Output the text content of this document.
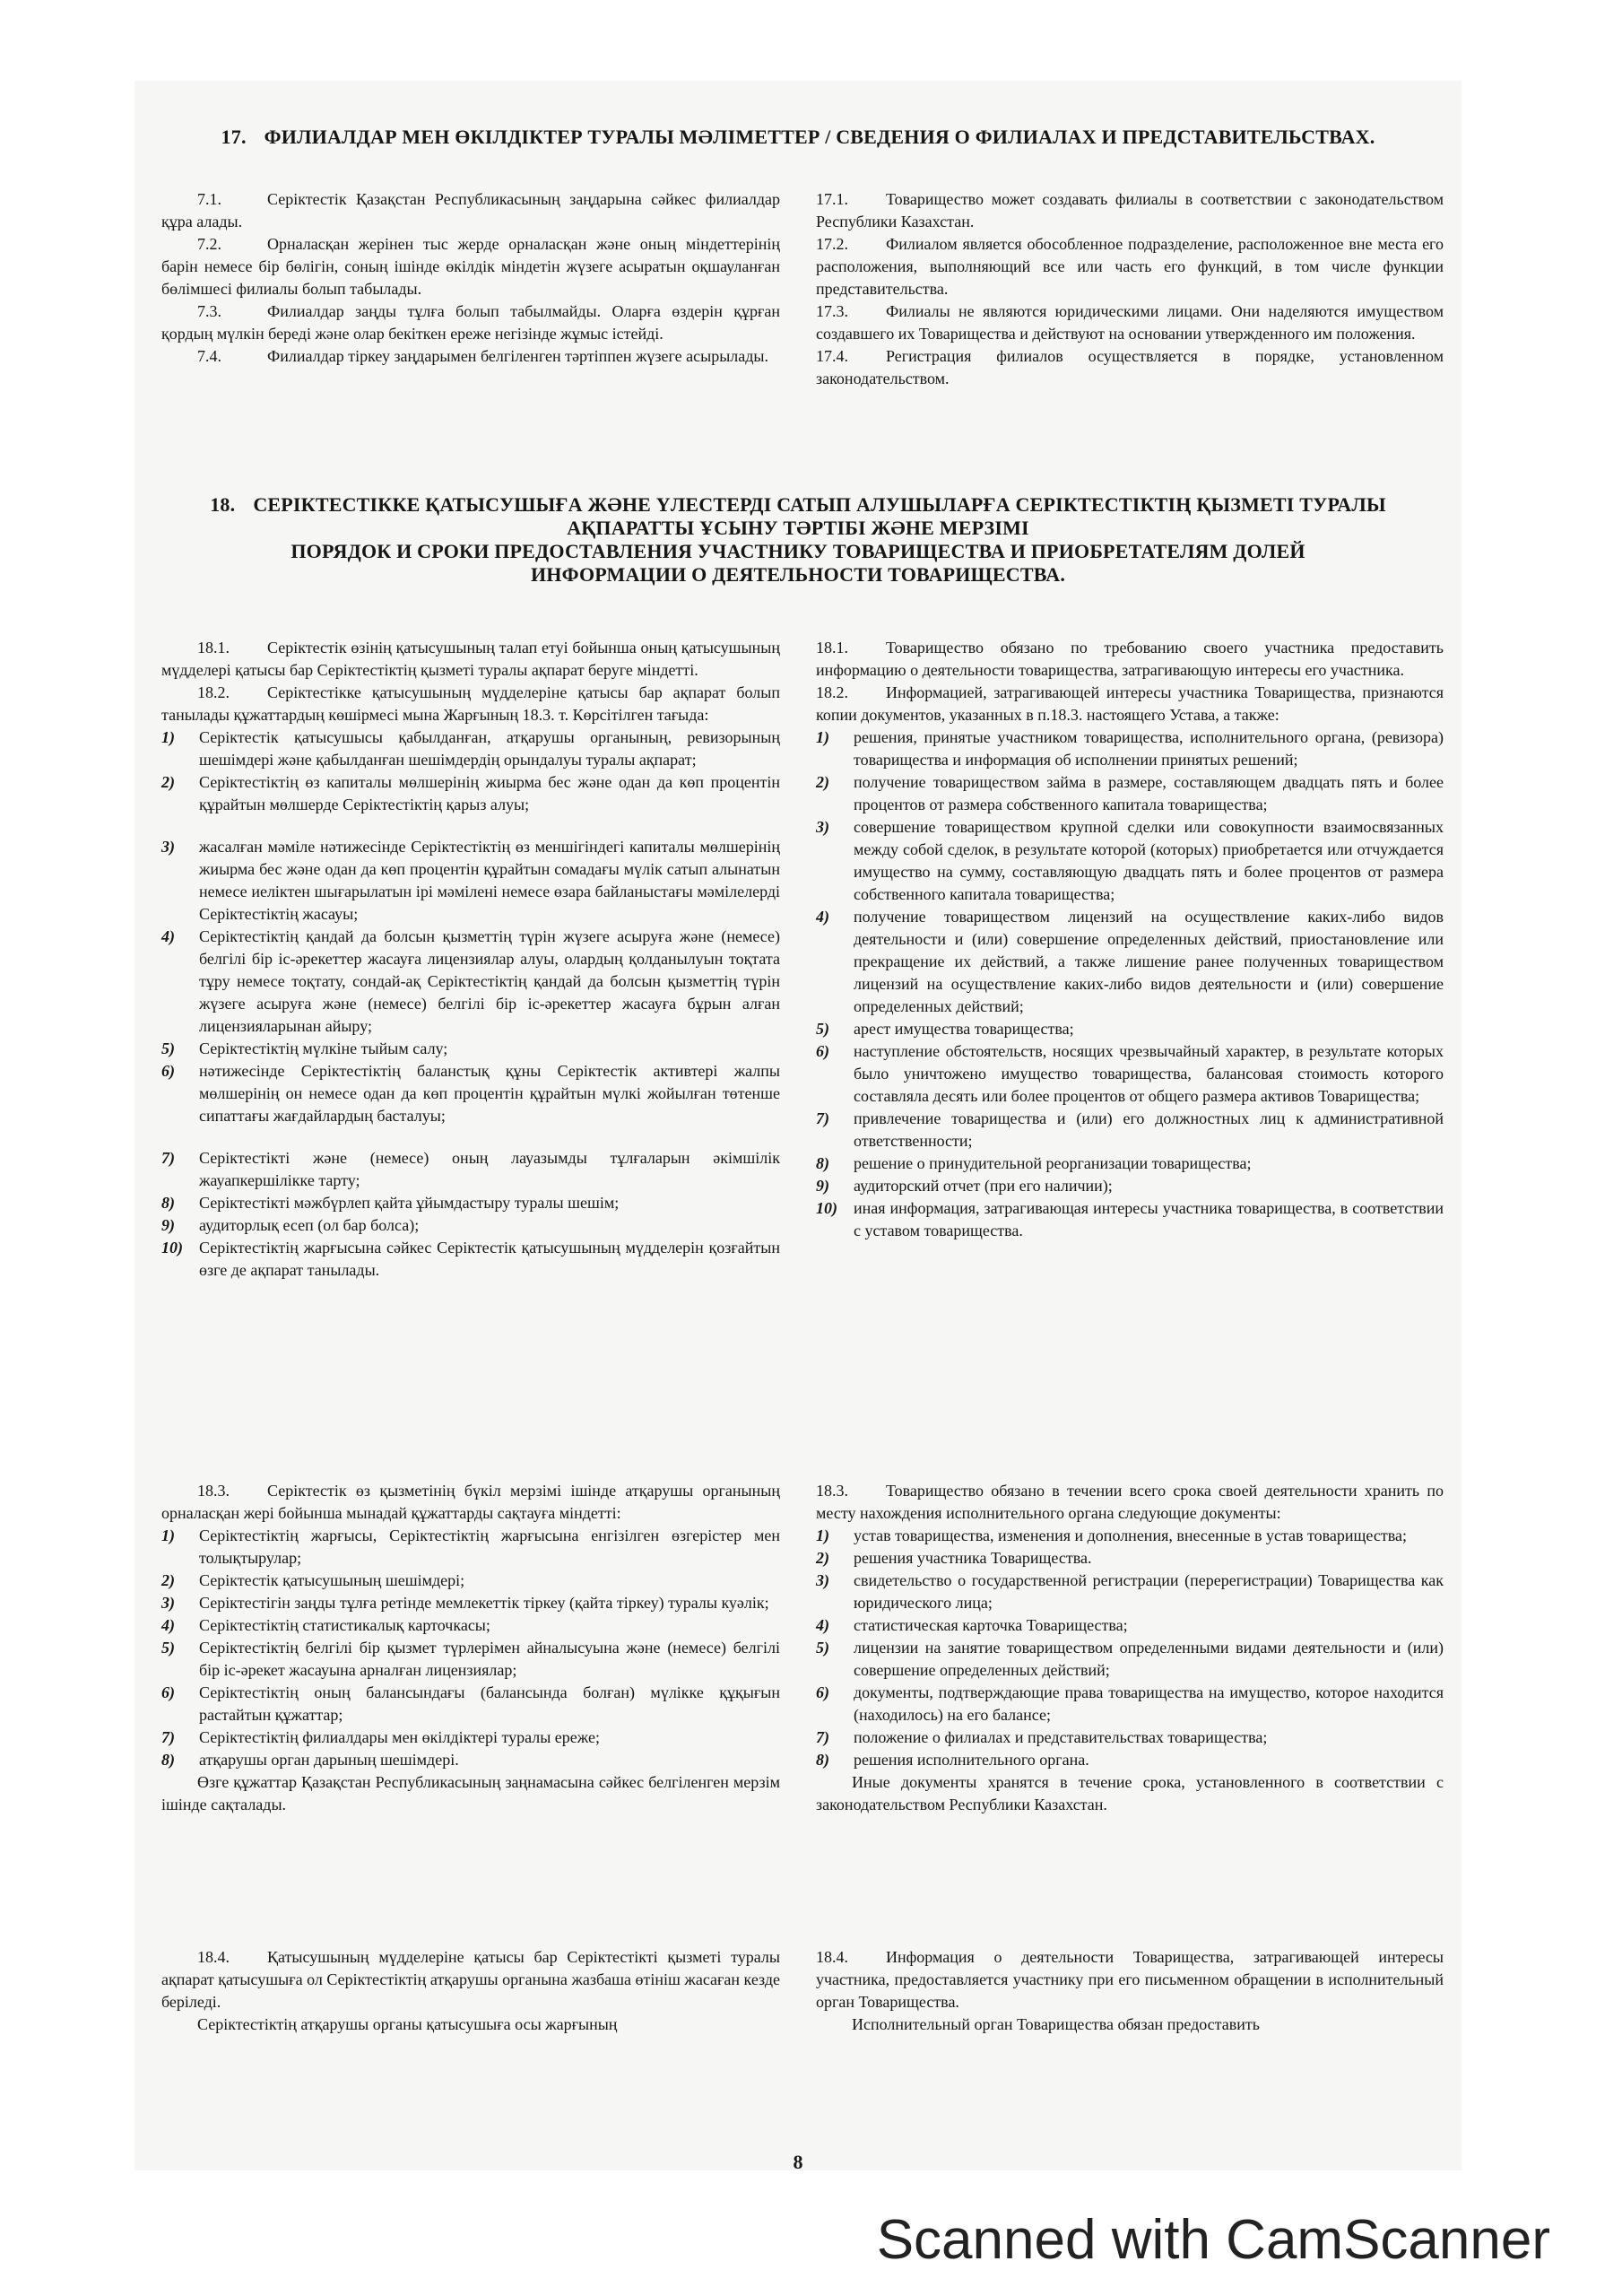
17. ФИЛИАЛДАР МЕН ӨКІЛДІКТЕР ТУРАЛЫ МӘЛІМЕТТЕР / СВЕДЕНИЯ О ФИЛИАЛАХ И ПРЕДСТАВИТЕЛЬСТВАХ.

7.1.	Серіктестік Қазақстан Республикасының заңдарына сәйкес филиалдар құра алады.

7.2.	Орналасқан жерінен тыс жерде орналасқан және оның міндеттерінің барін немесе бір бөлігін, соның ішінде өкілдік міндетін жүзеге асыратын оқшауланған бөлімшесі филиалы болып табылады.

7.3.	Филиалдар заңды тұлға болып табылмайды. Оларға өздерін құрған қордың мүлкін береді және олар бекіткен ереже негізінде жұмыс істейді.

7.4.	Филиалдар тіркеу заңдарымен белгіленген тәртіппен жүзеге асырылады.

17.1. Товарищество может создавать филиалы в соответствии с законодательством Республики Казахстан.

17.2. Филиалом является обособленное подразделение, расположенное вне места его расположения, выполняющий все или часть его функций, в том числе функции представительства.

17.3. Филиалы не являются юридическими лицами. Они наделяются имуществом создавшего их Товарищества и действуют на основании утвержденного им положения.

17.4. Регистрация филиалов осуществляется в порядке, установленном законодательством.

18. СЕРІКТЕСТІККЕ ҚАТЫСУШЫҒА ЖӘНЕ ҮЛЕСТЕРДІ САТЫП АЛУШЫЛАРҒА СЕРІКТЕСТІКТІҢ ҚЫЗМЕТІ ТУРАЛЫ
АҚПАРАТТЫ ҰСЫНУ ТӘРТІБІ ЖӘНЕ МЕРЗІМІ
ПОРЯДОК И СРОКИ ПРЕДОСТАВЛЕНИЯ УЧАСТНИКУ ТОВАРИЩЕСТВА И ПРИОБРЕТАТЕЛЯМ ДОЛЕЙ
ИНФОРМАЦИИ О ДЕЯТЕЛЬНОСТИ ТОВАРИЩЕСТВА.

18.1. Серіктестік өзінің қатысушының талап етуі бойынша оның қатысушының мүдделері қатысы бар Серіктестіктің қызметі туралы ақпарат беруге міндетті.

18.2. Серіктестікке қатысушының мүдделеріне қатысы бар ақпарат болып танылады құжаттардың көшірмесі мына Жарғының 18.3. т. Көрсітілген тағыда:

1)	Серіктестік қатысушысы қабылданған, атқарушы органының, ревизорының шешімдері және қабылданған шешімдердің орындалуы туралы ақпарат;
2)	Серіктестіктің өз капиталы мөлшерінің жиырма бес және одан да көп процентін құрайтын мөлшерде Серіктестіктің қарыз алуы;
3)	жасалған мәміле нәтижесінде Серіктестіктің өз меншігіндегі капиталы мөлшерінің жиырма бес және одан да көп процентін құрайтын сомадағы мүлік сатып алынатын немесе иеліктен шығарылатын ірі мәмілені немесе өзара байланыстағы мәмілелерді Серіктестіктің жасауы;
4)	Серіктестіктің қандай да болсын қызметтің түрін жүзеге асыруға және (немесе) белгілі бір іс-әрекеттер жасауға лицензиялар алуы, олардың қолданылуын тоқтата тұру немесе тоқтату, сондай-ақ Серіктестіктің қандай да болсын қызметтің түрін жүзеге асыруға және (немесе) белгілі бір іс-әрекеттер жасауға бұрын алған лицензияларынан айыру;
5)	Серіктестіктің мүлкіне тыйым салу;
6)	нәтижесінде Серіктестіктің баланстық құны Серіктестік активтері жалпы мөлшерінің он немесе одан да көп процентін құрайтын мүлкі жойылған төтенше сипаттағы жағдайлардың басталуы;
7)	Серіктестікті және (немесе) оның лауазымды тұлғаларын әкімшілік жауапкершілікке тарту;
8)	Серіктестікті мәжбүрлеп қайта ұйымдастыру туралы шешім;
9)	аудиторлық есеп (ол бар болса);
10)	Серіктестіктің жарғысына сәйкес Серіктестік қатысушының мүдделерін қозғайтын өзге де ақпарат танылады.

18.1. Товарищество обязано по требованию своего участника предоставить информацию о деятельности товарищества, затрагивающую интересы его участника.

18.2. Информацией, затрагивающей интересы участника Товарищества, признаются копии документов, указанных в п.18.3. настоящего Устава, а также:

1)	решения, принятые участником товарищества, исполнительного органа, (ревизора) товарищества и информация об исполнении принятых решений;
2)	получение товариществом займа в размере, составляющем двадцать пять и более процентов от размера собственного капитала товарищества;
3)	совершение товариществом крупной сделки или совокупности взаимосвязанных между собой сделок, в результате которой (которых) приобретается или отчуждается имущество на сумму, составляющую двадцать пять и более процентов от размера собственного капитала товарищества;
4)	получение товариществом лицензий на осуществление каких-либо видов деятельности и (или) совершение определенных действий, приостановление или прекращение их действий, а также лишение ранее полученных товариществом лицензий на осуществление каких-либо видов деятельности и (или) совершение определенных действий;
5)	арест имущества товарищества;
6)	наступление обстоятельств, носящих чрезвычайный характер, в результате которых было уничтожено имущество товарищества, балансовая стоимость которого составляла десять или более процентов от общего размера активов Товарищества;
7)	привлечение товарищества и (или) его должностных лиц к административной ответственности;
8)	решение о принудительной реорганизации товарищества;
9)	аудиторский отчет (при его наличии);
10)	иная информация, затрагивающая интересы участника товарищества, в соответствии с уставом товарищества.

18.3. Серіктестік өз қызметінің бүкіл мерзімі ішінде атқарушы органының орналасқан жері бойынша мынадай құжаттарды сақтауға міндетті:

1)	Серіктестіктің жарғысы, Серіктестіктің жарғысына енгізілген өзгерістер мен толықтырулар;
2)	Серіктестік қатысушының шешімдері;
3)	Серіктестігін заңды тұлға ретінде мемлекеттік тіркеу (қайта тіркеу) туралы куәлік;
4)	Серіктестіктің статистикалық карточкасы;
5)	Серіктестіктің белгілі бір қызмет түрлерімен айналысуына және (немесе) белгілі бір іс-әрекет жасауына арналған лицензиялар;
6)	Серіктестіктің оның балансындағы (балансында болған) мүлікке құқығын растайтын құжаттар;
7)	Серіктестіктің филиалдары мен өкілдіктері туралы ереже;
8)	атқарушы орган дарының шешімдері.

Өзге құжаттар Қазақстан Республикасының заңнамасына сәйкес белгіленген мерзім ішінде сақталады.

18.3. Товарищество обязано в течении всего срока своей деятельности хранить по месту нахождения исполнительного органа следующие документы:

1)	устав товарищества, изменения и дополнения, внесенные в устав товарищества;
2)	решения участника Товарищества.
3)	свидетельство о государственной регистрации (перерегистрации) Товарищества как юридического лица;
4)	статистическая карточка Товарищества;
5)	лицензии на занятие товариществом определенными видами деятельности и (или) совершение определенных действий;
6)	документы, подтверждающие права товарищества на имущество, которое находится (находилось) на его балансе;
7)	положение о филиалах и представительствах товарищества;
8)	решения исполнительного органа.

Иные документы хранятся в течение срока, установленного в соответствии с законодательством Республики Казахстан.

18.4. Қатысушының мүдделеріне қатысы бар Серіктестікті қызметі туралы ақпарат қатысушыға ол Серіктестіктің атқарушы органына жазбаша өтініш жасаған кезде беріледі.

Серіктестіктің атқарушы органы қатысушыға осы жарғының

18.4. Информация о деятельности Товарищества, затрагивающей интересы участника, предоставляется участнику при его письменном обращении в исполнительный орган Товарищества.

Исполнительный орган Товарищества обязан предоставить

8
Scanned with CamScanner
